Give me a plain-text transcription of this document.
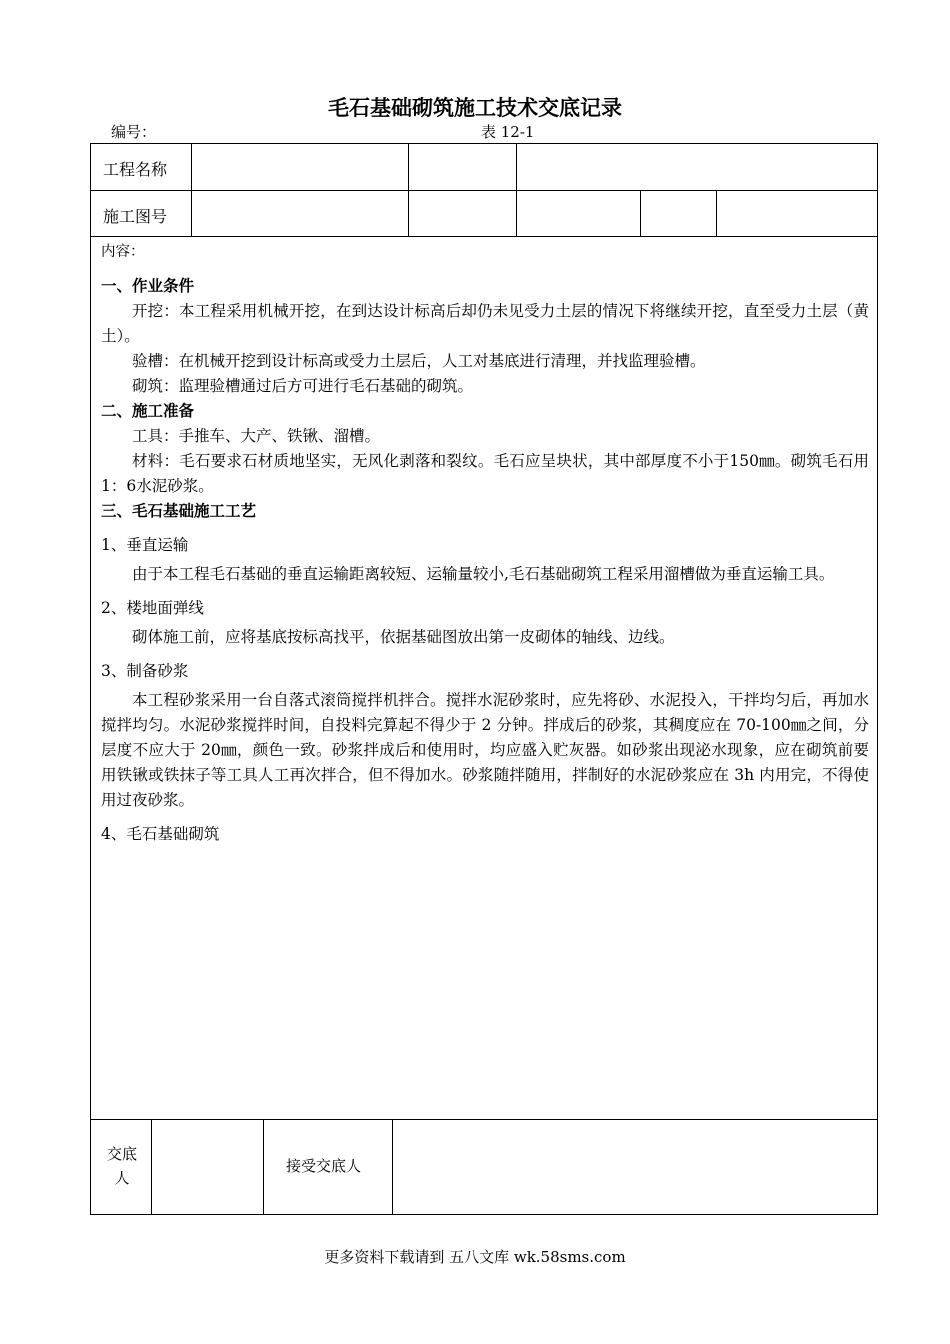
毛石基础砌筑施工技术交底记录
编号：	表 12-1
工程名称
施工图号

内容：

一、作业条件

开挖：本工程采用机械开挖，在到达设计标高后却仍未见受力土层的情况下将继续开挖，直至受力土层（黄土）。

验槽：在机械开挖到设计标高或受力土层后，人工对基底进行清理，并找监理验槽。

砌筑：监理验槽通过后方可进行毛石基础的砌筑。

二、施工准备

工具：手推车、大产、铁锹、溜槽。

材料：毛石要求石材质地坚实，无风化剥落和裂纹。毛石应呈块状，其中部厚度不小于150㎜。砌筑毛石用1：6水泥砂浆。

三、毛石基础施工工艺

1、垂直运输

由于本工程毛石基础的垂直运输距离较短、运输量较小,毛石基础砌筑工程采用溜槽做为垂直运输工具。

2、楼地面弹线

砌体施工前，应将基底按标高找平，依据基础图放出第一皮砌体的轴线、边线。

3、制备砂浆

本工程砂浆采用一台自落式滚筒搅拌机拌合。搅拌水泥砂浆时，应先将砂、水泥投入，干拌均匀后，再加水搅拌均匀。水泥砂浆搅拌时间，自投料完算起不得少于 2 分钟。拌成后的砂浆，其稠度应在 70-100㎜之间，分层度不应大于 20㎜，颜色一致。砂浆拌成后和使用时，均应盛入贮灰器。如砂浆出现泌水现象，应在砌筑前要用铁锹或铁抹子等工具人工再次拌合，但不得加水。砂浆随拌随用，拌制好的水泥砂浆应在 3h 内用完，不得使用过夜砂浆。

4、毛石基础砌筑

交底人
接受交底人
更多资料下载请到 五八文库 wk.58sms.com
